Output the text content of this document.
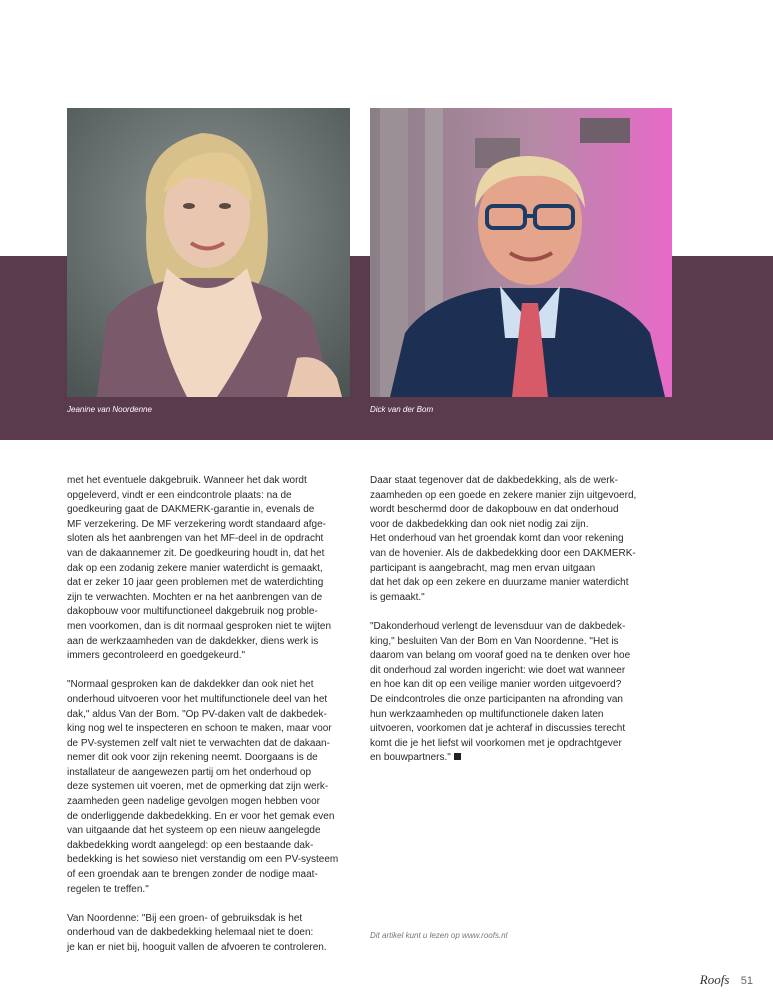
Jeanine van Noordenne	Dick van der Bom

met het eventuele dakgebruik. Wanneer het dak wordt
opgeleverd, vindt er een eindcontrole plaats: na de
goedkeuring gaat de DAKMERK-garantie in, evenals de
MF verzekering. De MF verzekering wordt standaard afge-
sloten als het aanbrengen van het MF-deel in de opdracht
van de dakaannemer zit. De goedkeuring houdt in, dat het
dak op een zodanig zekere manier waterdicht is gemaakt,
dat er zeker 10 jaar geen problemen met de waterdichting
zijn te verwachten. Mochten er na het aanbrengen van de
dakopbouw voor multifunctioneel dakgebruik nog proble-
men voorkomen, dan is dit normaal gesproken niet te wijten
aan de werkzaamheden van de dakdekker, diens werk is
immers gecontroleerd en goedgekeurd."

"Normaal gesproken kan de dakdekker dan ook niet het
onderhoud uitvoeren voor het multifunctionele deel van het
dak," aldus Van der Bom. "Op PV-daken valt de dakbedek-
king nog wel te inspecteren en schoon te maken, maar voor
de PV-systemen zelf valt niet te verwachten dat de dakaan-
nemer dit ook voor zijn rekening neemt. Doorgaans is de
installateur de aangewezen partij om het onderhoud op
deze systemen uit voeren, met de opmerking dat zijn werk-
zaamheden geen nadelige gevolgen mogen hebben voor
de onderliggende dakbedekking. En er voor het gemak even
van uitgaande dat het systeem op een nieuw aangelegde
dakbedekking wordt aangelegd: op een bestaande dak-
bedekking is het sowieso niet verstandig om een PV-systeem
of een groendak aan te brengen zonder de nodige maat-
regelen te treffen."

Van Noordenne: "Bij een groen- of gebruiksdak is het
onderhoud van de dakbedekking helemaal niet te doen:
je kan er niet bij, hooguit vallen de afvoeren te controleren.

Daar staat tegenover dat de dakbedekking, als de werk-
zaamheden op een goede en zekere manier zijn uitgevoerd,
wordt beschermd door de dakopbouw en dat onderhoud
voor de dakbedekking dan ook niet nodig zai zijn.
Het onderhoud van het groendak komt dan voor rekening
van de hovenier. Als de dakbedekking door een DAKMERK-
participant is aangebracht, mag men ervan uitgaan
dat het dak op een zekere en duurzame manier waterdicht
is gemaakt."

"Dakonderhoud verlengt de levensduur van de dakbedek-
king," besluiten Van der Bom en Van Noordenne. "Het is
daarom van belang om vooraf goed na te denken over hoe
dit onderhoud zal worden ingericht: wie doet wat wanneer
en hoe kan dit op een veilige manier worden uitgevoerd?
De eindcontroles die onze participanten na afronding van
hun werkzaamheden op multifunctionele daken laten
uitvoeren, voorkomen dat je achteraf in discussies terecht
komt die je het liefst wil voorkomen met je opdrachtgever
en bouwpartners."

Dit artikel kunt u lezen op www.roofs.nl
Roofs 51
